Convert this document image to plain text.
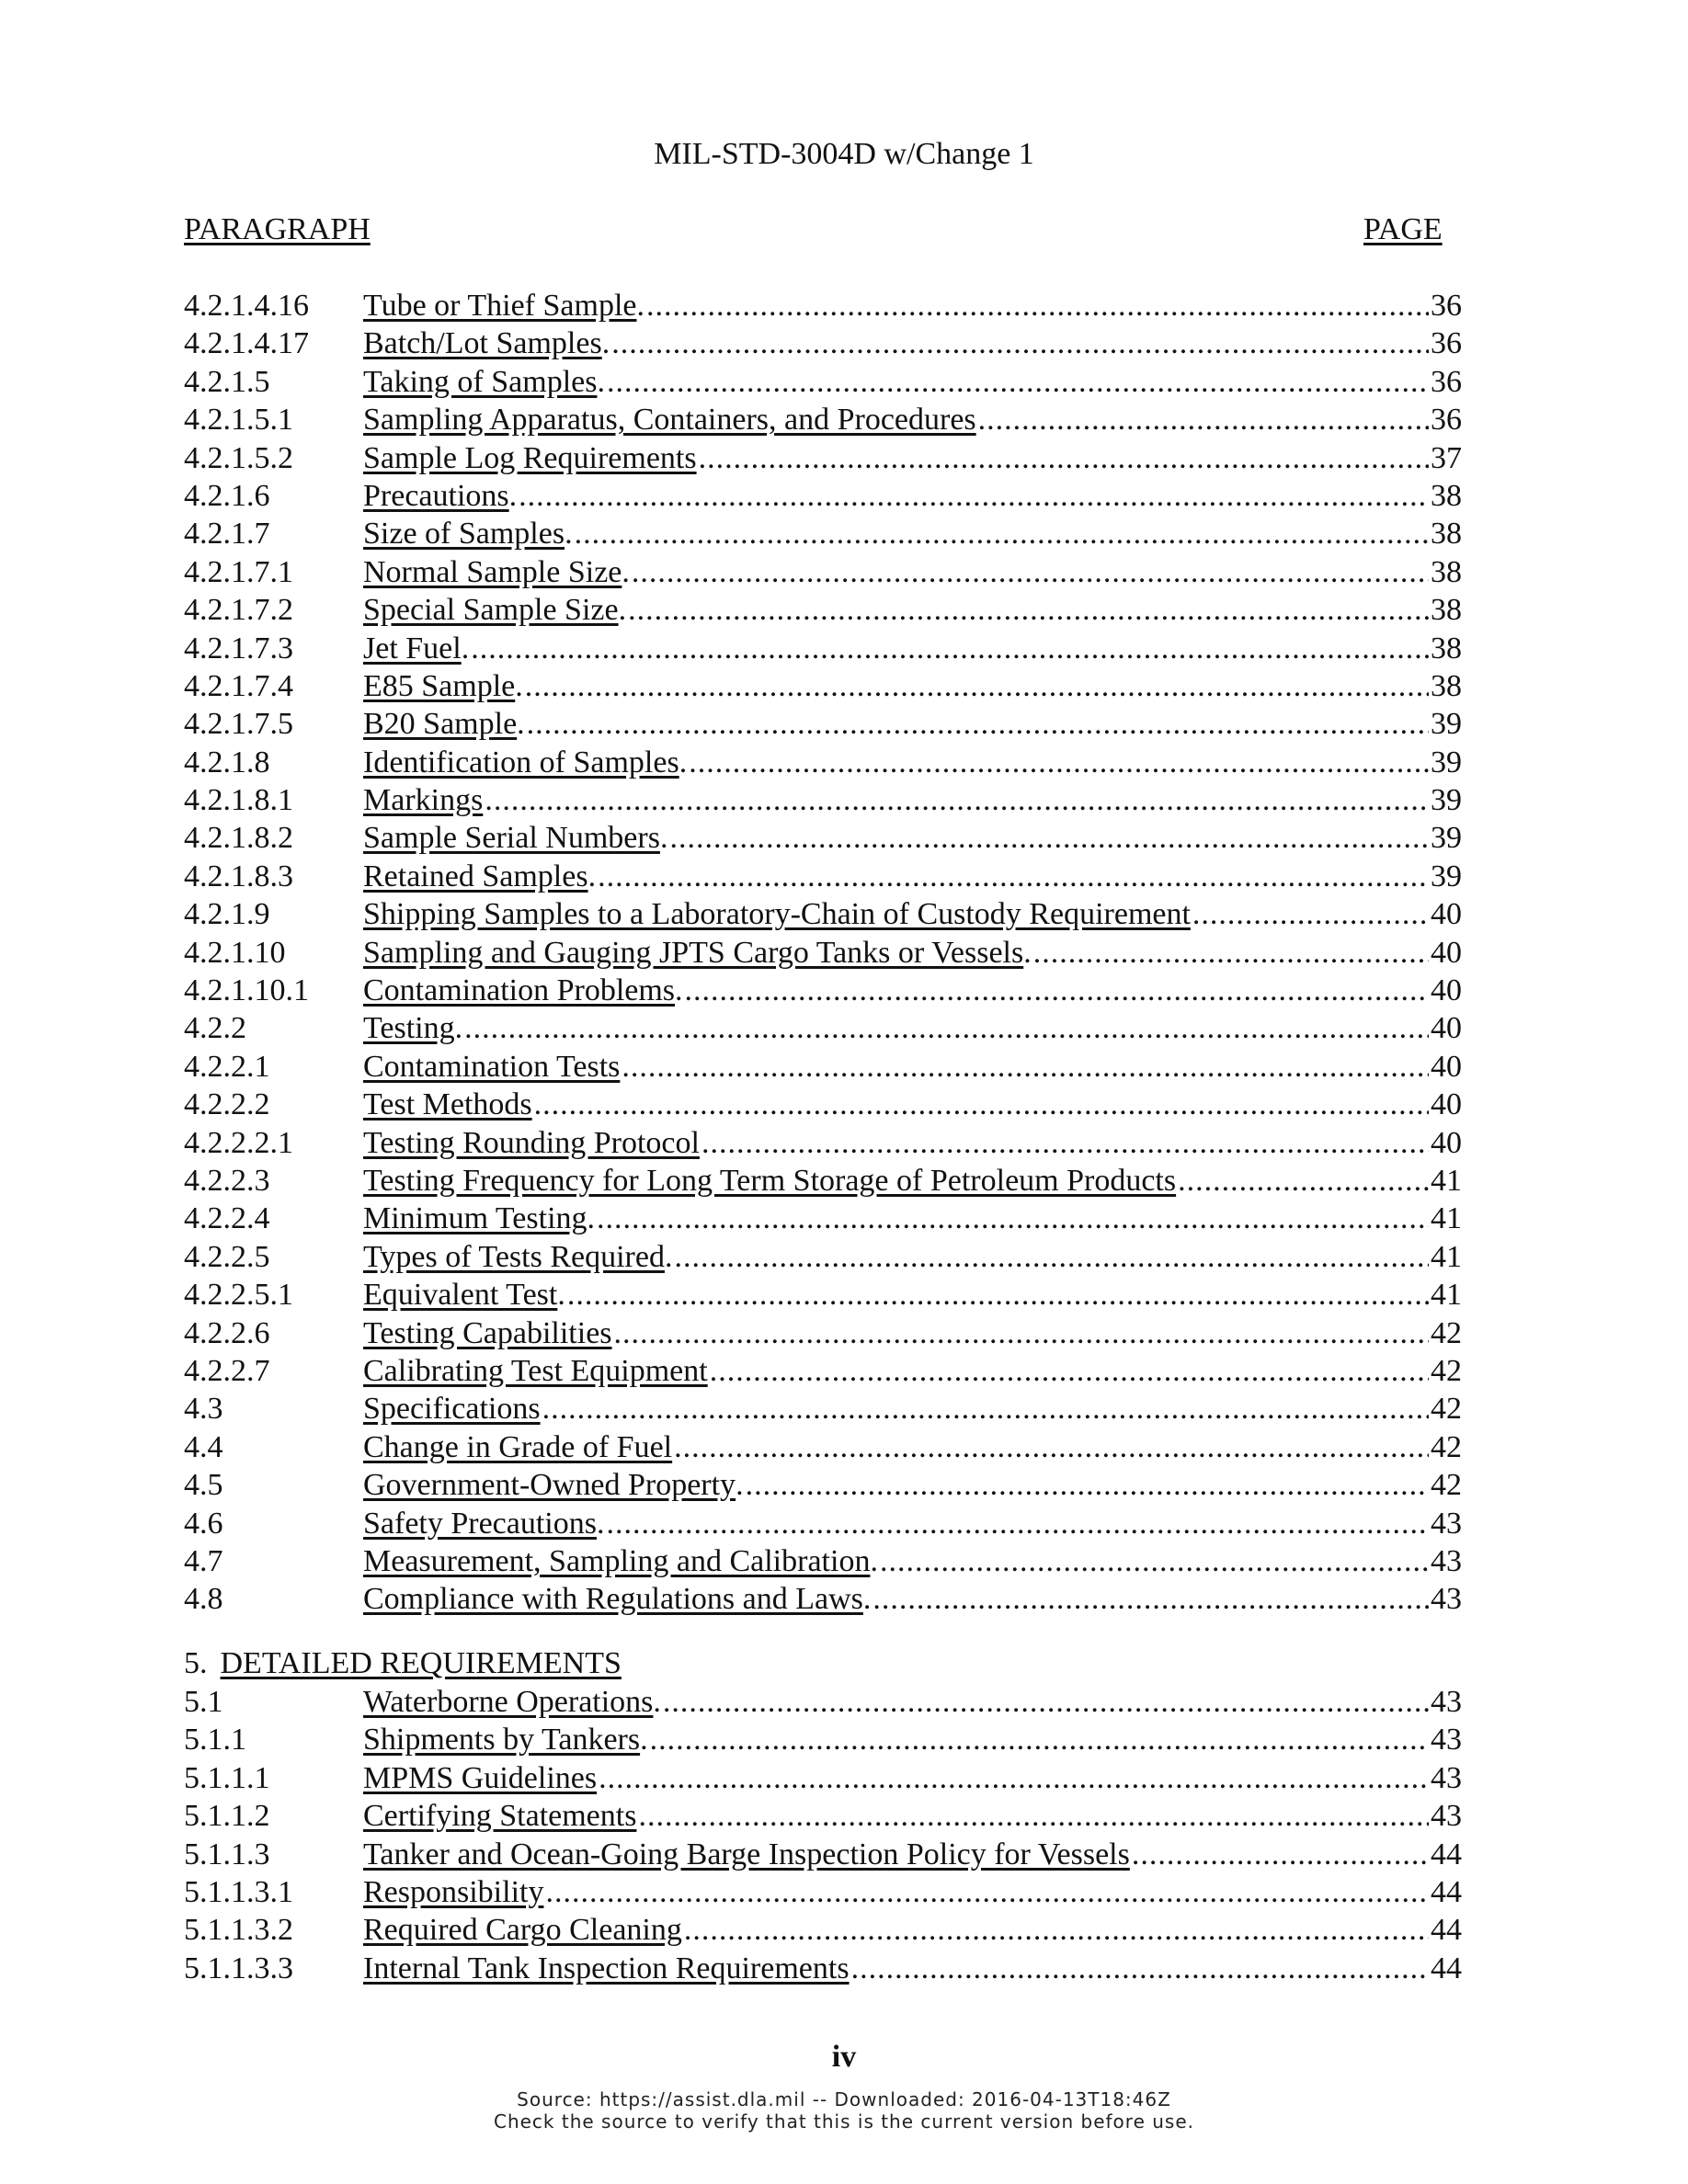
MIL-STD-3004D w/Change 1
PARAGRAPH	PAGE
4.2.1.4.16 Tube or Thief Sample . .....	36
4.2.1.4.17 Batch/Lot Samples . .....	36
4.2.1.5	Taking of Samples . .....	36
4.2.1.5.1 Sampling Apparatus, Containers, and Procedures .....	36
4.2.1.5.2 Sample Log Requirements .....	37
4.2.1.6	Precautions . .....	38
4.2.1.7	Size of Samples . .....	38
4.2.1.7.1 Normal Sample Size . .....	38
4.2.1.7.2 Special Sample Size . .....	38
4.2.1.7.3 Jet Fuel . .....	38
4.2.1.7.4 E85 Sample . .....	38
4.2.1.7.5 B20 Sample . .....	39
4.2.1.8	Identification of Samples . .....	39
4.2.1.8.1 Markings .....	39
4.2.1.8.2 Sample Serial Numbers . .....	39
4.2.1.8.3 Retained Samples . .....	39
4.2.1.9	Shipping Samples to a Laboratory-Chain of Custody Requirement .....	40
4.2.1.10 Sampling and Gauging JPTS Cargo Tanks or Vessels . .....	40
4.2.1.10.1 Contamination Problems . .....	40
4.2.2	Testing . .....	40
4.2.2.1	Contamination Tests .....	40
4.2.2.2	Test Methods .....	40
4.2.2.2.1 Testing Rounding Protocol .....	40
4.2.2.3	Testing Frequency for Long Term Storage of Petroleum Products .....	41
4.2.2.4	Minimum Testing . .....	41
4.2.2.5	Types of Tests Required . .....	41
4.2.2.5.1 Equivalent Test . .....	41
4.2.2.6	Testing Capabilities .....	42
4.2.2.7	Calibrating Test Equipment .....	42
4.3	Specifications .....	42
4.4	Change in Grade of Fuel .....	42
4.5	Government-Owned Property . .....	42
4.6	Safety Precautions . .....	43
4.7	Measurement, Sampling and Calibration . .....	43
4.8	Compliance with Regulations and Laws . .....	43
5. DETAILED REQUIREMENTS
5.1	Waterborne Operations . .....	43
5.1.1	Shipments by Tankers . .....	43
5.1.1.1	MPMS Guidelines .....	43
5.1.1.2	Certifying Statements .....	43
5.1.1.3	Tanker and Ocean-Going Barge Inspection Policy for Vessels .....	44
5.1.1.3.1 Responsibility .....	44
5.1.1.3.2 Required Cargo Cleaning .....	44
5.1.1.3.3 Internal Tank Inspection Requirements .....	44
iv
Source: https://assist.dla.mil -- Downloaded: 2016-04-13T18:46Z
Check the source to verify that this is the current version before use.
